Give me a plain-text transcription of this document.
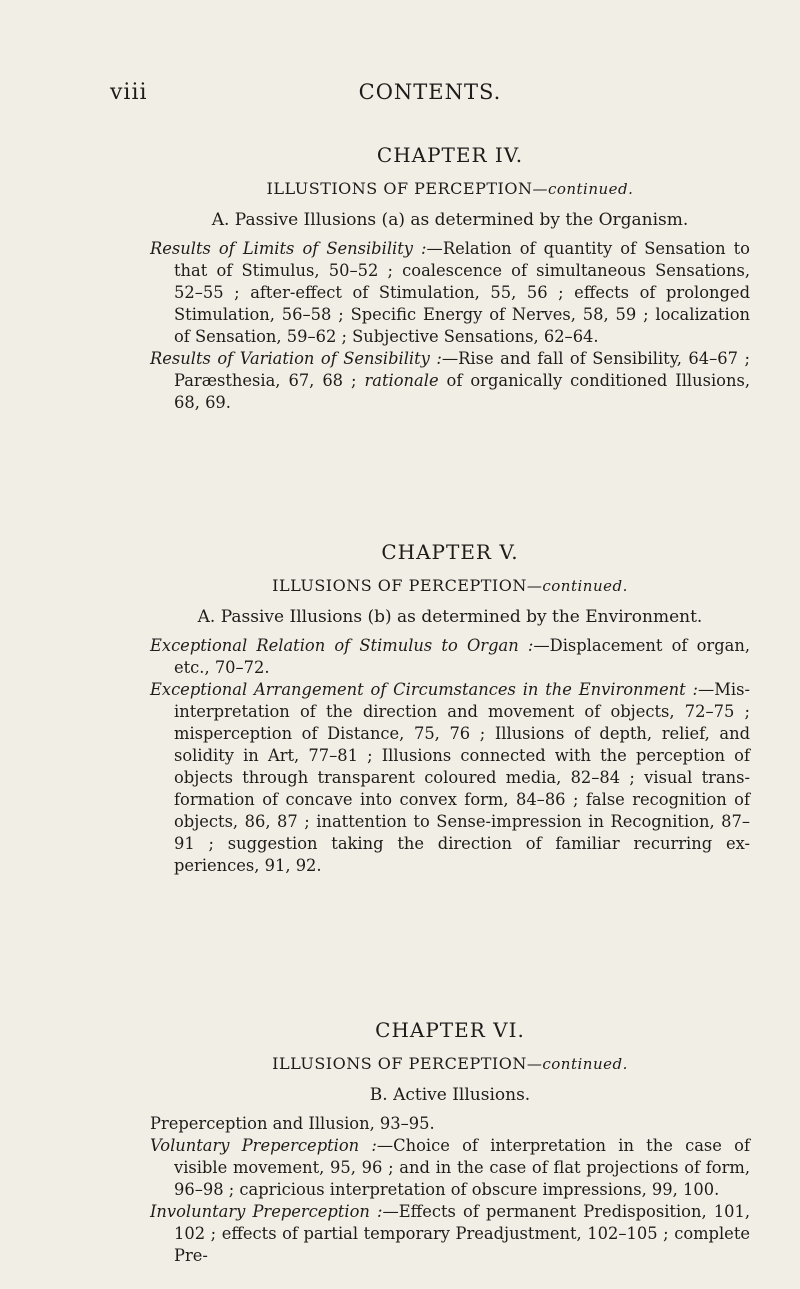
viii	CONTENTS.
CHAPTER IV.

ILLUSTIONS OF PERCEPTION—continued.

A. Passive Illusions (a) as determined by the Organism.

Results of Limits of Sensibility :—Relation of quantity of Sensation to that of Stimulus, 50–52 ; coalescence of simultaneous Sensations, 52–55 ; after-effect of Stimulation, 55, 56 ; effects of prolonged Stimulation, 56–58 ; Specific Energy of Nerves, 58, 59 ; localization of Sensation, 59–62 ; Subjective Sensations, 62–64.

Results of Variation of Sensibility :—Rise and fall of Sensibility, 64–67 ; Paræsthesia, 67, 68 ; rationale of organically conditioned Illusions, 68, 69.

CHAPTER V.

ILLUSIONS OF PERCEPTION—continued.

A. Passive Illusions (b) as determined by the Environment.

Exceptional Relation of Stimulus to Organ :—Displacement of organ, etc., 70–72.

Exceptional Arrangement of Circumstances in the Environment :—Mis-interpretation of the direction and movement of objects, 72–75 ; misperception of Distance, 75, 76 ; Illusions of depth, relief, and solidity in Art, 77–81 ; Illusions connected with the perception of objects through transparent coloured media, 82–84 ; visual trans-formation of concave into convex form, 84–86 ; false recognition of objects, 86, 87 ; inattention to Sense-impression in Recognition, 87–91 ; suggestion taking the direction of familiar recurring ex-periences, 91, 92.

CHAPTER VI.

ILLUSIONS OF PERCEPTION—continued.

B. Active Illusions.

Preperception and Illusion, 93–95.

Voluntary Preperception :—Choice of interpretation in the case of visible movement, 95, 96 ; and in the case of flat projections of form, 96–98 ; capricious interpretation of obscure impressions, 99, 100.

Involuntary Preperception :—Effects of permanent Predisposition, 101, 102 ; effects of partial temporary Preadjustment, 102–105 ; complete Pre-
